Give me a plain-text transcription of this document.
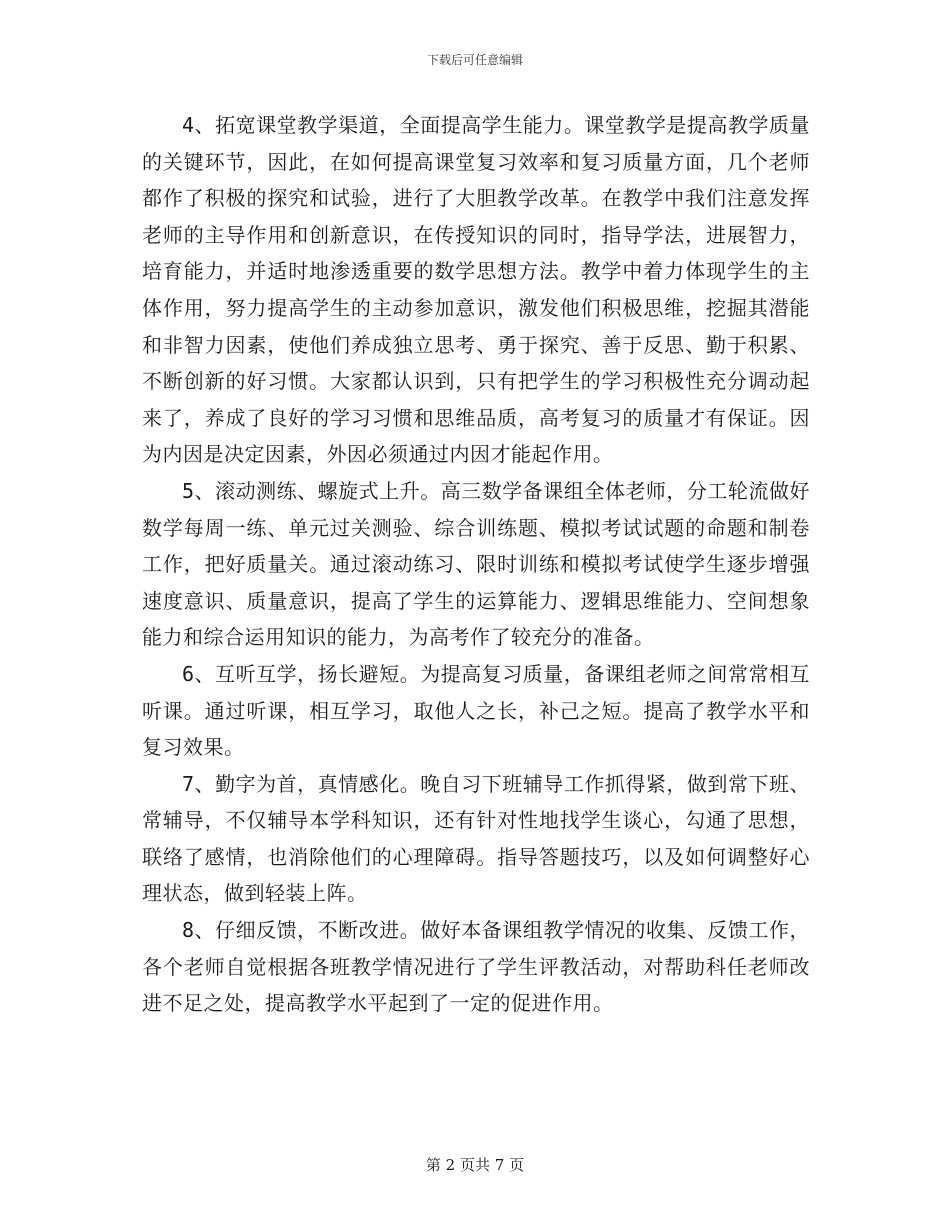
下载后可任意编辑

4、拓宽课堂教学渠道，全面提高学生能力。课堂教学是提高教学质量的关键环节，因此，在如何提高课堂复习效率和复习质量方面，几个老师都作了积极的探究和试验，进行了大胆教学改革。在教学中我们注意发挥老师的主导作用和创新意识，在传授知识的同时，指导学法，进展智力，培育能力，并适时地渗透重要的数学思想方法。教学中着力体现学生的主体作用，努力提高学生的主动参加意识，激发他们积极思维，挖掘其潜能和非智力因素，使他们养成独立思考、勇于探究、善于反思、勤于积累、不断创新的好习惯。大家都认识到，只有把学生的学习积极性充分调动起来了，养成了良好的学习习惯和思维品质，高考复习的质量才有保证。因为内因是决定因素，外因必须通过内因才能起作用。

5、滚动测练、螺旋式上升。高三数学备课组全体老师，分工轮流做好数学每周一练、单元过关测验、综合训练题、模拟考试试题的命题和制卷工作，把好质量关。通过滚动练习、限时训练和模拟考试使学生逐步增强速度意识、质量意识，提高了学生的运算能力、逻辑思维能力、空间想象能力和综合运用知识的能力，为高考作了较充分的准备。

6、互听互学，扬长避短。为提高复习质量，备课组老师之间常常相互听课。通过听课，相互学习，取他人之长，补己之短。提高了教学水平和复习效果。

7、勤字为首，真情感化。晚自习下班辅导工作抓得紧，做到常下班、常辅导，不仅辅导本学科知识，还有针对性地找学生谈心，勾通了思想，联络了感情，也消除他们的心理障碍。指导答题技巧，以及如何调整好心理状态，做到轻装上阵。

8、仔细反馈，不断改进。做好本备课组教学情况的收集、反馈工作，各个老师自觉根据各班教学情况进行了学生评教活动，对帮助科任老师改进不足之处，提高教学水平起到了一定的促进作用。

第 2 页共 7 页
